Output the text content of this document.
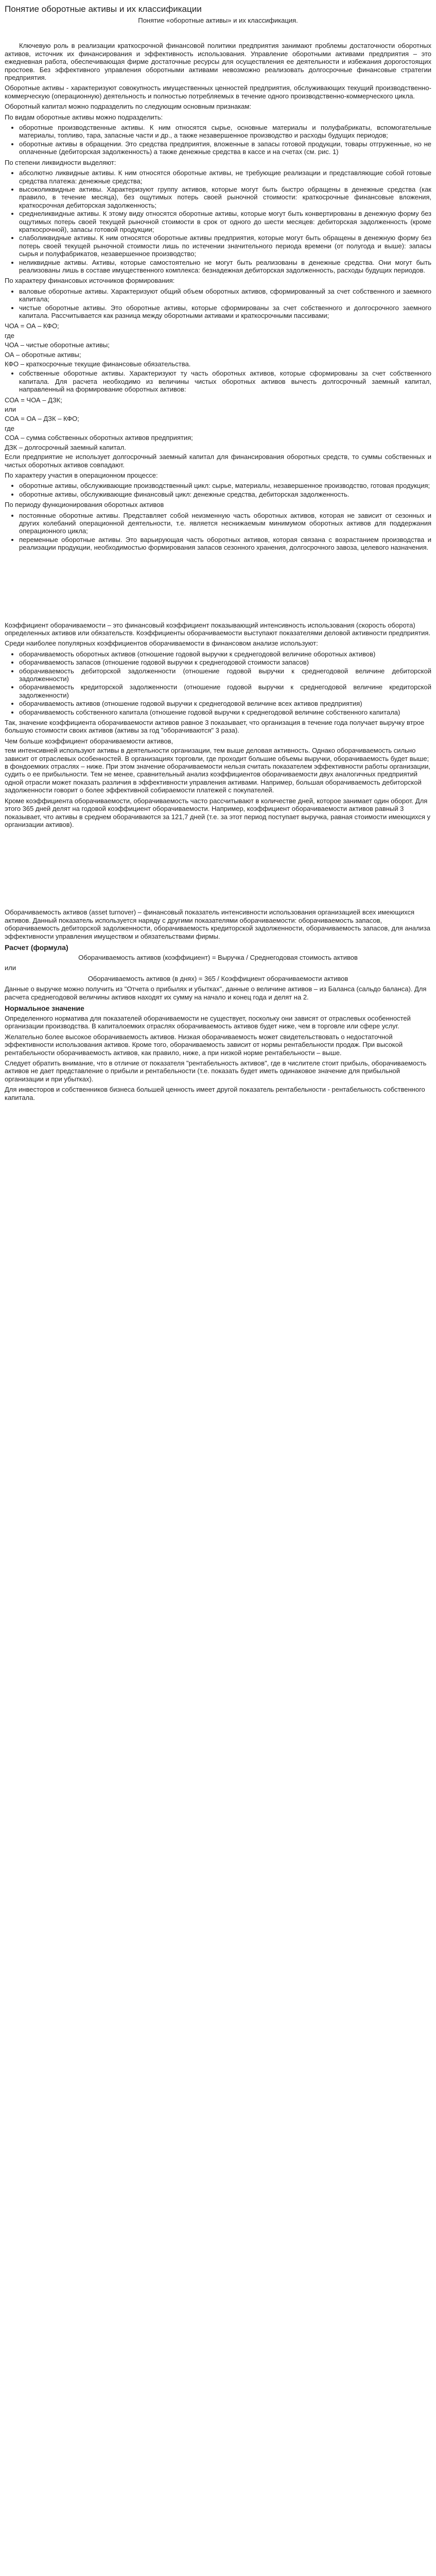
Понятие оборотные активы и их классификации

Понятие «оборотные активы» и их классификация.

Ключевую роль в реализации краткосрочной финансовой политики предприятия занимают проблемы достаточности оборотных активов, источник их финансирования и эффективность использования. Управление оборотными активами предприятия – это ежедневная работа, обеспечивающая фирме достаточные ресурсы для осуществления ее деятельности и избежания дорогостоящих простоев. Без эффективного управления оборотными активами невозможно реализовать долгосрочные финансовые стратегии предприятия.

Оборотные активы - характеризуют совокупность имущественных ценностей предприятия, обслуживающих текущий производственно-коммерческую (операционную) деятельность и полностью потребляемых в течение одного производственно-коммерческого цикла.

Оборотный капитал можно подразделить по следующим основным признакам:

По видам оборотные активы можно подразделить:

• оборотные производственные активы. К ним относятся сырье, основные материалы и полуфабрикаты, вспомогательные материалы, топливо, тара, запасные части и др., а также незавершенное производство и расходы будущих периодов;
• оборотные активы в обращении. Это средства предприятия, вложенные в запасы готовой продукции, товары отгруженные, но не оплаченные (дебиторская задолженность) а также денежные средства в кассе и на счетах (см. рис. 1)

По степени ликвидности выделяют:

• абсолютно ликвидные активы. К ним относятся оборотные активы, не требующие реализации и представляющие собой готовые средства платежа: денежные средства;
• высоколиквидные активы. Характеризуют группу активов, которые могут быть быстро обращены в денежные средства (как правило, в течение месяца), без ощутимых потерь своей рыночной стоимости: краткосрочные финансовые вложения, краткосрочная дебиторская задолженность;
• среднеликвидные активы. К этому виду относятся оборотные активы, которые могут быть конвертированы в денежную форму без ощутимых потерь своей текущей рыночной стоимости в срок от одного до шести месяцев: дебиторская задолженность (кроме краткосрочной), запасы готовой продукции;
• слаболиквидные активы. К ним относятся оборотные активы предприятия, которые могут быть обращены в денежную форму без потерь своей текущей рыночной стоимости лишь по истечении значительного периода времени (от полугода и выше): запасы сырья и полуфабрикатов, незавершенное производство;
• неликвидные активы. Активы, которые самостоятельно не могут быть реализованы в денежные средства. Они могут быть реализованы лишь в составе имущественного комплекса: безнадежная дебиторская задолженность, расходы будущих периодов.

По характеру финансовых источников формирования:

• валовые оборотные активы. Характеризуют общий объем оборотных активов, сформированный за счет собственного и заемного капитала;
• чистые оборотные активы. Это оборотные активы, которые сформированы за счет собственного и долгосрочного заемного капитала. Рассчитывается как разница между оборотными активами и краткосрочными пассивами;

ЧОА = ОА – КФО;

где

ЧОА – чистые оборотные активы;

ОА – оборотные активы;

КФО – краткосрочные текущие финансовые обязательства.

• собственные оборотные активы. Характеризуют ту часть оборотных активов, которые сформированы за счет собственного капитала. Для расчета необходимо из величины чистых оборотных активов вычесть долгосрочный заемный капитал, направленный на формирование оборотных активов:

СОА = ЧОА – ДЗК;

или

СОА = ОА – ДЗК – КФО;

где

СОА – сумма собственных оборотных активов предприятия;

ДЗК – долгосрочный заемный капитал.

Если предприятие не использует долгосрочный заемный капитал для финансирования оборотных средств, то суммы собственных и чистых оборотных активов совпадают.

По характеру участия в операционном процессе:

• оборотные активы, обслуживающие производственный цикл: сырье, материалы, незавершенное производство, готовая продукция;
• оборотные активы, обслуживающие финансовый цикл: денежные средства, дебиторская задолженность.

По периоду функционирования оборотных активов

• постоянные оборотные активы. Представляет собой неизменную часть оборотных активов, которая не зависит от сезонных и других колебаний операционной деятельности, т.е. является неснижаемым минимумом оборотных активов для поддержания операционного цикла;
• переменные оборотные активы. Это варьирующая часть оборотных активов, которая связана с возрастанием производства и реализации продукции, необходимостью формирования запасов сезонного хранения, долгосрочного завоза, целевого назначения.

Коэффициент оборачиваемости – это финансовый коэффициент показывающий интенсивность использования (скорость оборота) определенных активов или обязательств. Коэффициенты оборачиваемости выступают показателями деловой активности предприятия.

Среди наиболее популярных коэффициентов оборачиваемости в финансовом анализе используют:

• оборачиваемость оборотных активов (отношение годовой выручки к среднегодовой величине оборотных активов)
• оборачиваемость запасов (отношение годовой выручки к среднегодовой стоимости запасов)
• оборачиваемость дебиторской задолженности (отношение годовой выручки к среднегодовой величине дебиторской задолженности)
• оборачиваемость кредиторской задолженности (отношение годовой выручки к среднегодовой величине кредиторской задолженности)
• оборачиваемость активов (отношение годовой выручки к среднегодовой величине всех активов предприятия)
• оборачиваемость собственного капитала (отношение годовой выручки к среднегодовой величине собственного капитала)

Так, значение коэффициента оборачиваемости активов равное 3 показывает, что организация в течение года получает выручку втрое большую стоимости своих активов (активы за год "оборачиваются" 3 раза).

Чем больше коэффициент оборачиваемости активов,

тем интенсивней используют активы в деятельности организации, тем выше деловая активность. Однако оборачиваемость сильно зависит от отраслевых особенностей. В организациях торговли, где проходит большие объемы выручки, оборачиваемость будет выше; в фондоемких отраслях – ниже. При этом значение оборачиваемости нельзя считать показателем эффективности работы организации, судить о ее прибыльности. Тем не менее, сравнительный анализ коэффициентов оборачиваемости двух аналогичных предприятий одной отрасли может показать различия в эффективности управления активами. Например, большая оборачиваемость дебиторской задолженности говорит о более эффективной собираемости платежей с покупателей.

Кроме коэффициента оборачиваемости, оборачиваемость часто рассчитывают в количестве дней, которое занимает один оборот. Для этого 365 дней делят на годовой коэффициент оборачиваемости. Например, коэффициент оборачиваемости активов равный 3 показывает, что активы в среднем оборачиваются за 121,7 дней (т.е. за этот период поступает выручка, равная стоимости имеющихся у организации активов).

Оборачиваемость активов (asset turnover) – финансовый показатель интенсивности использования организацией всех имеющихся активов. Данный показатель используется наряду с другими показателями оборачиваемости: оборачиваемость запасов, оборачиваемость дебиторской задолженности, оборачиваемость кредиторской задолженности, оборачиваемость запасов, для анализа эффективности управления имуществом и обязательствами фирмы.

Расчет (формула)

Оборачиваемость активов (коэффициент) = Выручка / Среднегодовая стоимость активов

или

Оборачиваемость активов (в днях) = 365 / Коэффициент оборачиваемости активов

Данные о выручке можно получить из "Отчета о прибылях и убытках", данные о величине активов – из Баланса (сальдо баланса). Для расчета среднегодовой величины активов находят их сумму на начало и конец года и делят на 2.

Нормальное значение

Определенного норматива для показателей оборачиваемости не существует, поскольку они зависят от отраслевых особенностей организации производства. В капиталоемких отраслях оборачиваемость активов будет ниже, чем в торговле или сфере услуг.

Желательно более высокое оборачиваемость активов. Низкая оборачиваемость может свидетельствовать о недостаточной эффективности использования активов. Кроме того, оборачиваемость зависит от нормы рентабельности продаж. При высокой рентабельности оборачиваемость активов, как правило, ниже, а при низкой норме рентабельности – выше.

Следует обратить внимание, что в отличие от показателя "рентабельность активов", где в числителе стоит прибыль, оборачиваемость активов не дает представление о прибыли и рентабельности (т.е. показать будет иметь одинаковое значение для прибыльной организации и при убытках).

Для инвесторов и собственников бизнеса большей ценность имеет другой показатель рентабельности - рентабельность собственного капитала.
